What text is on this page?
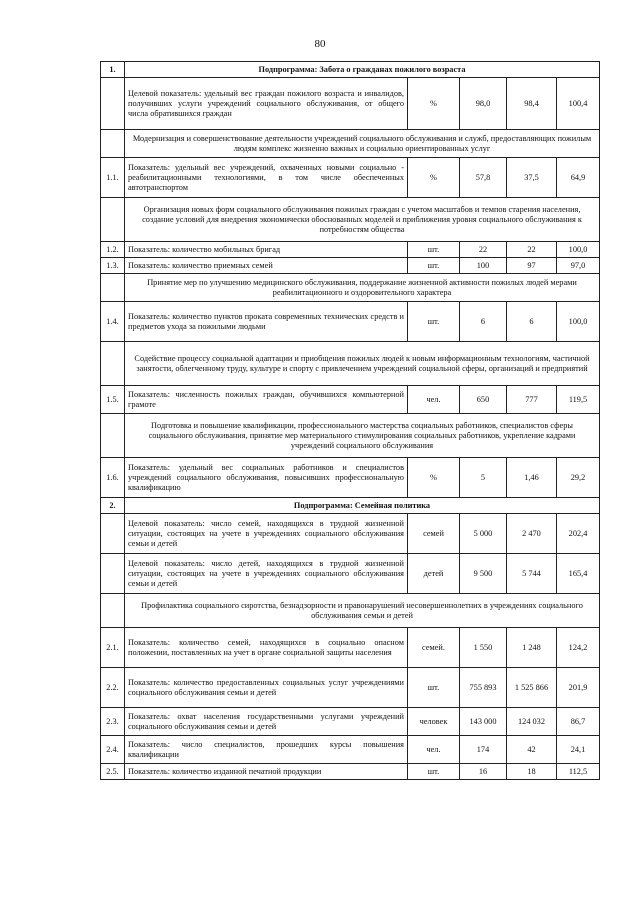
80
1.	Подпрограмма: Забота о гражданах пожилого возраста				
	Целевой показатель: удельный вес граждан пожилого возраста и инвалидов, получивших услуги учреждений социального обслуживания, от общего числа обратившихся граждан	%	98,0	98,4	100,4
	Модернизация и совершенствование деятельности учреждений социального обслуживания и служб, предоставляющих пожилым людям комплекс жизненно важных и социально ориентированных услуг				
1.1.	Показатель: удельный вес учреждений, охваченных новыми социально - реабилитационными технологиями, в том числе обеспеченных автотранспортом	%	57,8	37,5	64,9
	Организация новых форм социального обслуживания пожилых граждан с учетом масштабов и темпов старения населения, создание условий для внедрения экономически обоснованных моделей и приближения уровня социального обслуживания к потребностям общества				
1.2.	Показатель: количество мобильных бригад	шт.	22	22	100,0
1.3.	Показатель: количество приемных семей	шт.	100	97	97,0
	Принятие мер по улучшению медицинского обслуживания, поддержание жизненной активности пожилых людей мерами реабилитационного и оздоровительного характера				
1.4.	Показатель: количество пунктов проката современных технических средств и предметов ухода за пожилыми людьми	шт.	6	6	100,0
	Содействие процессу социальной адаптации и приобщения пожилых людей к новым информационным технологиям, частичной занятости, облегченному труду, культуре и спорту с привлечением учреждений социальной сферы, организаций и предприятий				
1.5.	Показатель: численность пожилых граждан, обучившихся компьютерной грамоте	чел.	650	777	119,5
	Подготовка и повышение квалификации, профессионального мастерства социальных работников, специалистов сферы социального обслуживания, принятие мер материального стимулирования социальных работников, укрепление кадрами учреждений социального обслуживания				
1.6.	Показатель: удельный вес социальных работников и специалистов учреждений социального обслуживания, повысивших профессиональную квалификацию	%	5	1,46	29,2
2.	Подпрограмма: Семейная политика				
	Целевой показатель: число семей, находящихся в трудной жизненной ситуации, состоящих на учете в учреждениях социального обслуживания семьи и детей	семей	5 000	2 470	202,4
	Целевой показатель: число детей, находящихся в трудной жизненной ситуации, состоящих на учете в учреждениях социального обслуживания семьи и детей	детей	9 500	5 744	165,4
	Профилактика социального сиротства, безнадзорности и правонарушений несовершеннолетних в учреждениях социального обслуживания семьи и детей				
2.1.	Показатель: количество семей, находящихся в социально опасном положении, поставленных на учет в органе социальной защиты населения	семей.	1 550	1 248	124,2
2.2.	Показатель: количество предоставленных социальных услуг учреждениями социального обслуживания семьи и детей	шт.	755 893	1 525 866	201,9
2.3.	Показатель: охват населения государственными услугами учреждений социального обслуживания семьи и детей	человек	143 000	124 032	86,7
2.4.	Показатель: число специалистов, прошедших курсы повышения квалификации	чел.	174	42	24,1
2.5.	Показатель: количество изданной печатной продукции	шт.	16	18	112,5
